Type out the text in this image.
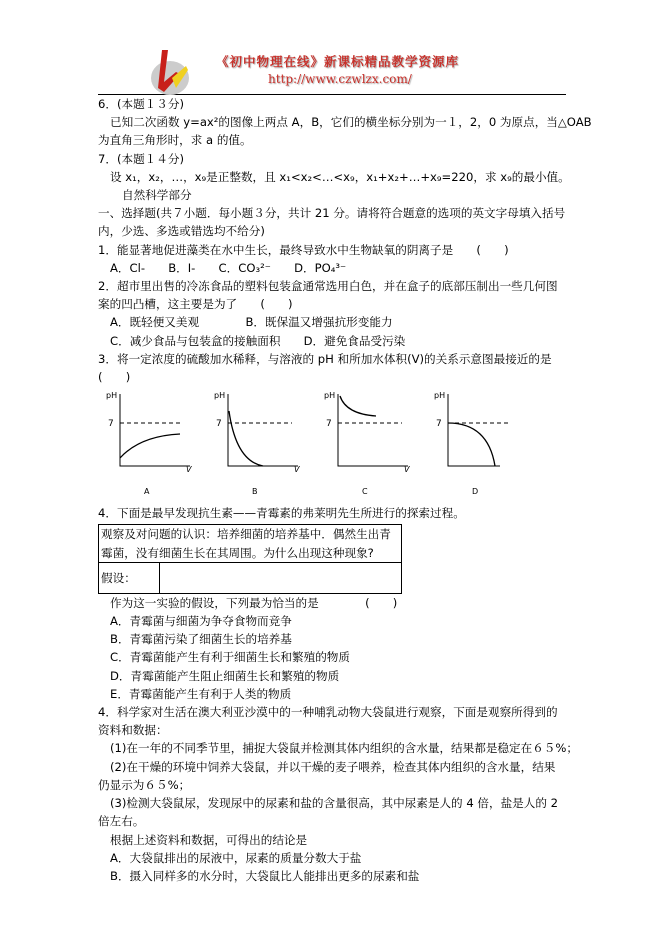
《初中物理在线》新课标精品教学资源库
http://www.czwlzx.com/
6．(本题１３分)
已知二次函数 y=ax²的图像上两点 A，B，它们的横坐标分别为一１，2，0 为原点，当△OAB
为直角三角形时，求 a 的值。
7．(本题１４分)
设 x₁，x₂，…，x₉是正整数，且 x₁<x₂<…<x₉，x₁+x₂+…+x₉=220，求 x₉的最小值。
自然科学部分
一、选择题(共７小题．每小题３分，共计 21 分。请将符合题意的选项的英文字母填入括号
内，少选、多选或错选均不给分)
1．能显著地促进藻类在水中生长，最终导致水中生物缺氧的阴离子是　　(　　)
A．Cl-　　B．I-　　C．CO₃²⁻　　D．PO₄³⁻
2．超市里出售的冷冻食品的塑料包装盒通常选用白色，并在盒子的底部压制出一些几何图
案的凹凸槽，这主要是为了　　(　　)
A．既轻便又美观　　　　B．既保温又增强抗形变能力
C．减少食品与包装盒的接触面积　　D．避免食品受污染
3．将一定浓度的硫酸加水稀释，与溶液的 pH 和所加水体积(V)的关系示意图最接近的是
(　　)
pH
7
V
A
pH
7
V
B
pH
7
V
C
pH
7
D
4．下面是最早发现抗生素——青霉素的弗莱明先生所进行的探索过程。
观察及对问题的认识：培养细菌的培养基中．偶然生出青霉菌，没有细菌生长在其周围。为什么出现这种现象?
假设：
作为这一实验的假设，下列最为恰当的是　　　　(　　)
A．青霉菌与细菌为争夺食物而竞争
B．青霉菌污染了细菌生长的培养基
C．青霉菌能产生有利于细菌生长和繁殖的物质
D．青霉菌能产生阻止细菌生长和繁殖的物质
E．青霉菌能产生有利于人类的物质
4．科学家对生活在澳大利亚沙漠中的一种哺乳动物大袋鼠进行观察，下面是观察所得到的
资料和数据：
(1)在一年的不同季节里，捕捉大袋鼠并检测其体内组织的含水量，结果都是稳定在６５%；
(2)在干燥的环境中饲养大袋鼠，并以干燥的麦子喂养，检查其体内组织的含水量，结果
仍显示为６５%；
(3)检测大袋鼠尿，发现尿中的尿素和盐的含量很高，其中尿素是人的 4 倍，盐是人的 2
倍左右。
根据上述资料和数据，可得出的结论是
A．大袋鼠排出的尿液中，尿素的质量分数大于盐
B．摄入同样多的水分时，大袋鼠比人能排出更多的尿素和盐
